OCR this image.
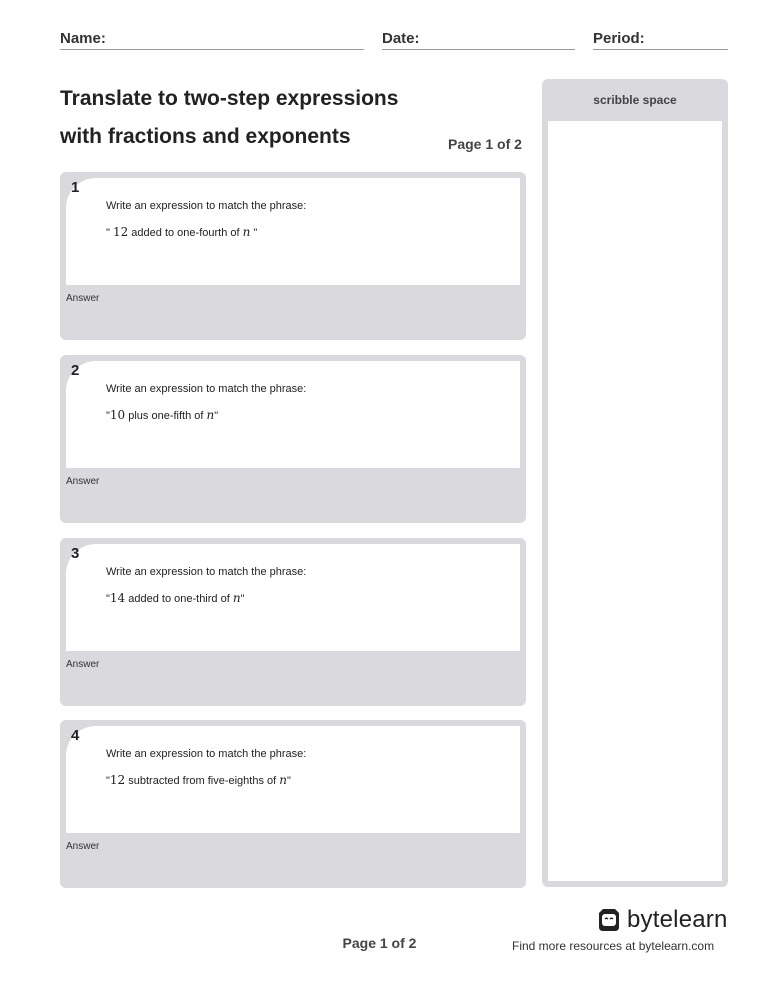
Name:	Date:	Period:
Translate to two-step expressions
with fractions and exponents	Page 1 of 2
Write an expression to match the phrase:
" 12 added to one-fourth of n "
1
Answer
Write an expression to match the phrase:
"10 plus one-fifth of n"
2
Answer
Write an expression to match the phrase:
"14 added to one-third of n"
3
Answer
Write an expression to match the phrase:
"12 subtracted from five-eighths of n"
4
Answer
scribble space
Page 1 of 2
bytelearn
Find more resources at bytelearn.com
